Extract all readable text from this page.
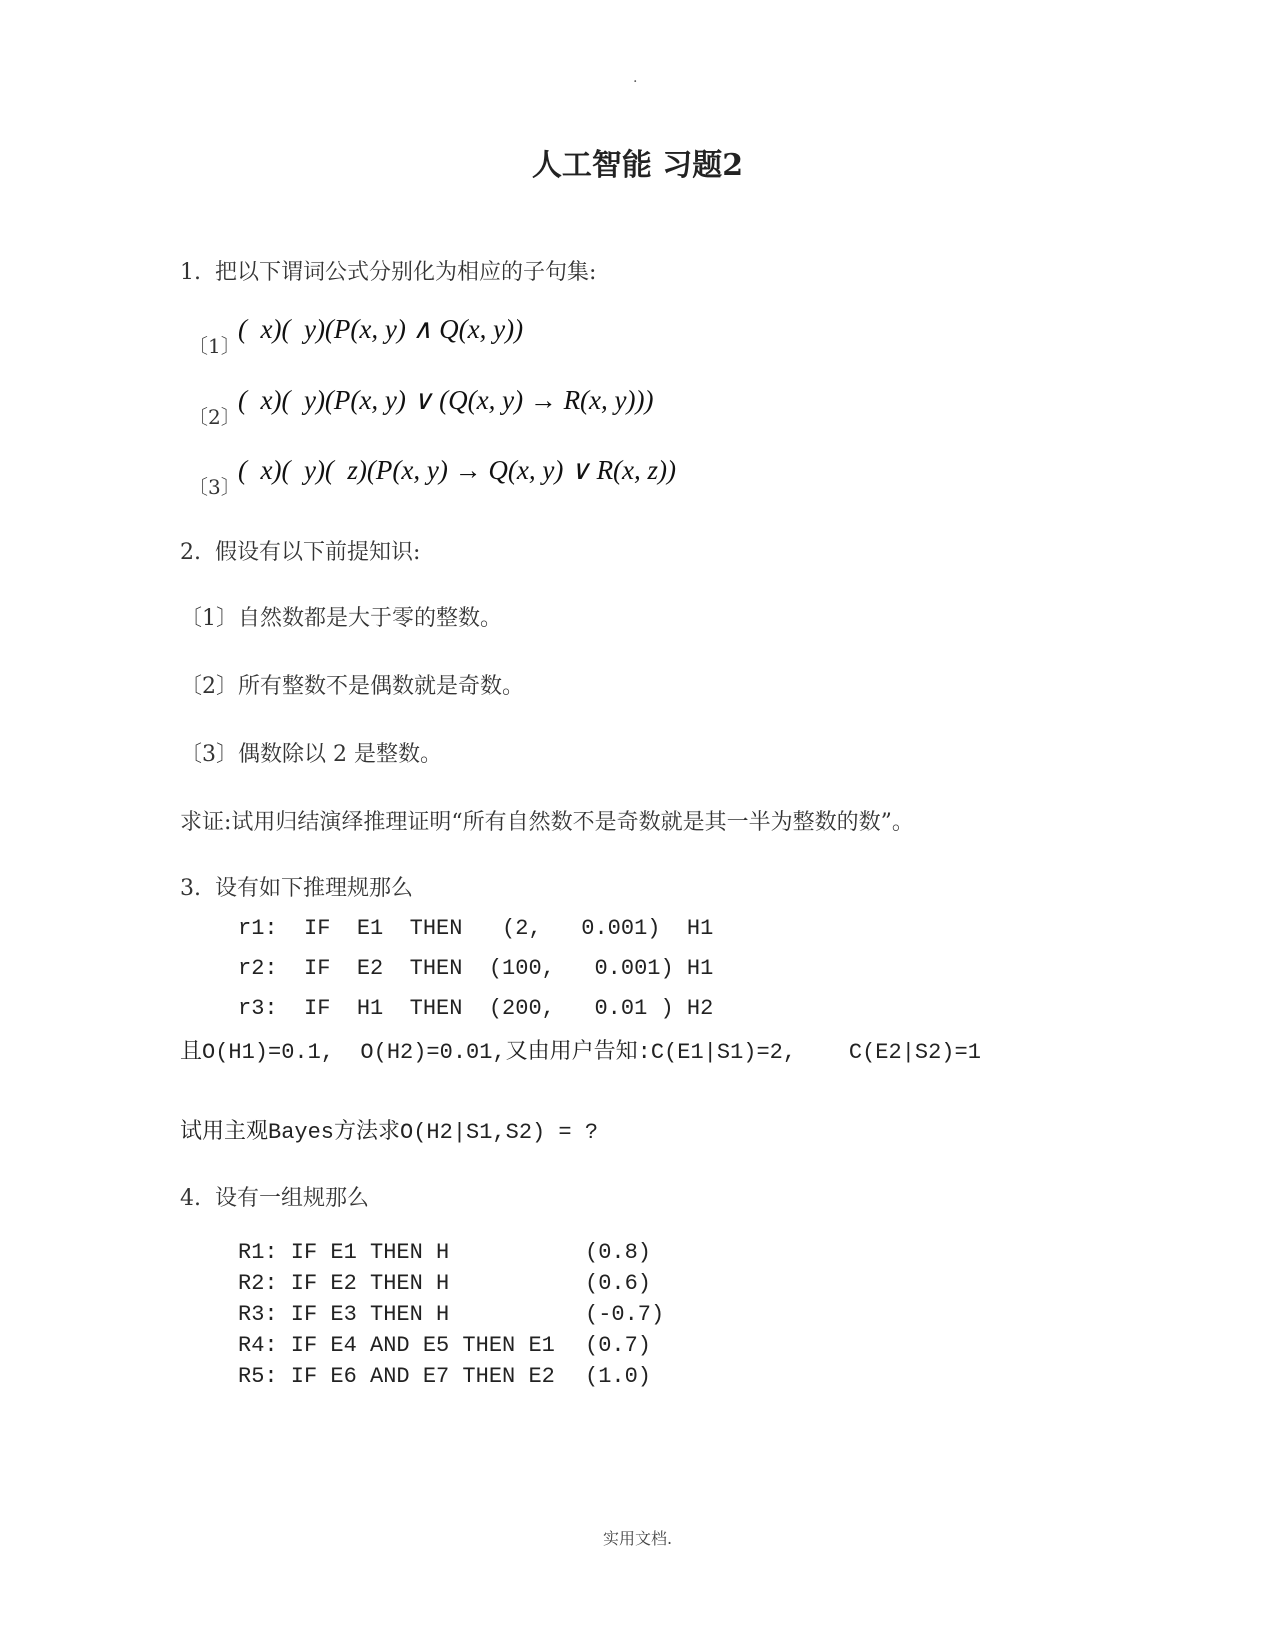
.
人工智能 习题2
1.  把以下谓词公式分别化为相应的子句集:
〔1〕
(  x)(  y)(P(x, y) ∧ Q(x, y))
〔2〕
(  x)(  y)(P(x, y) ∨ (Q(x, y) → R(x, y)))
〔3〕
(  x)(  y)(  z)(P(x, y) → Q(x, y) ∨ R(x, z))
2.  假设有以下前提知识:
〔1〕自然数都是大于零的整数。
〔2〕所有整数不是偶数就是奇数。
〔3〕偶数除以 2 是整数。
求证:试用归结演绎推理证明“所有自然数不是奇数就是其一半为整数的数”。
3.  设有如下推理规那么
r1:  IF  E1  THEN   (2,   0.001)  H1
r2:  IF  E2  THEN  (100,   0.001) H1
r3:  IF  H1  THEN  (200,   0.01 ) H2
且O(H1)=0.1,  O(H2)=0.01,又由用户告知:C(E1|S1)=2,    C(E2|S2)=1
试用主观Bayes方法求O(H2|S1,S2) = ?
4.  设有一组规那么
R1: IF E1 THEN H	(0.8)
R2: IF E2 THEN H	(0.6)
R3: IF E3 THEN H	(-0.7)
R4: IF E4 AND E5 THEN E1 (0.7)
R5: IF E6 AND E7 THEN E2 (1.0)
实用文档.
